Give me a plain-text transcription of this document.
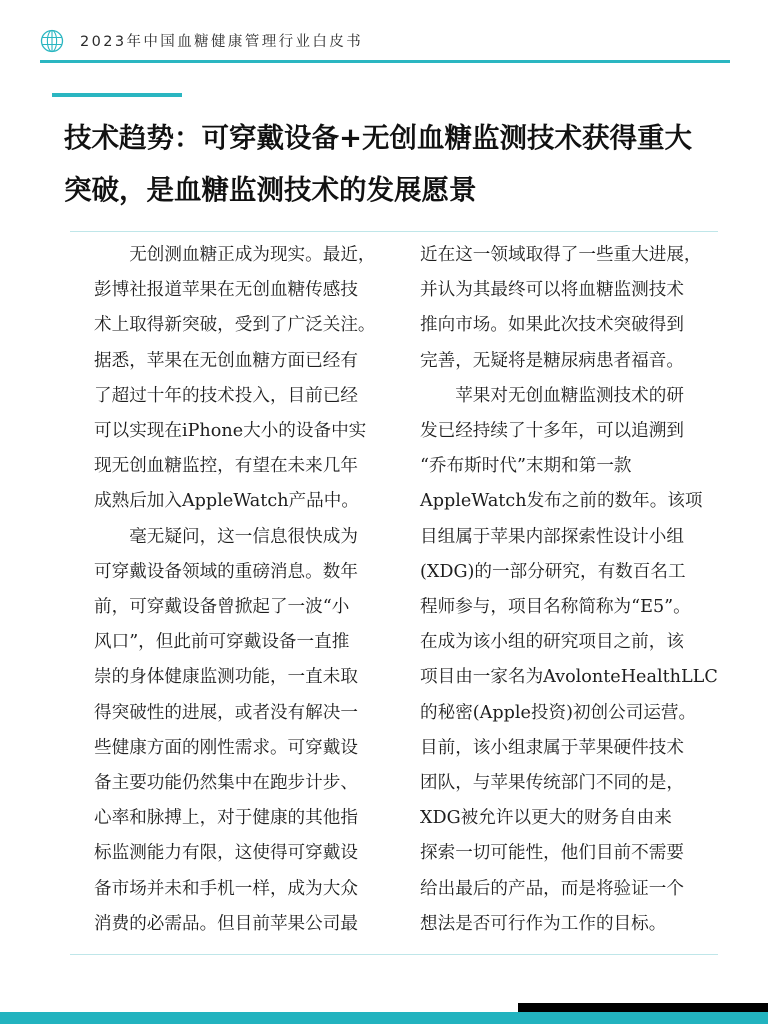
2023年中国血糖健康管理行业白皮书
技术趋势：可穿戴设备+无创血糖监测技术获得重大
突破，是血糖监测技术的发展愿景
　　无创测血糖正成为现实。最近，
彭博社报道苹果在无创血糖传感技
术上取得新突破，受到了广泛关注。
据悉，苹果在无创血糖方面已经有
了超过十年的技术投入，目前已经
可以实现在iPhone大小的设备中实
现无创血糖监控，有望在未来几年
成熟后加入AppleWatch产品中。
　　毫无疑问，这一信息很快成为
可穿戴设备领域的重磅消息。数年
前，可穿戴设备曾掀起了一波“小
风口”，但此前可穿戴设备一直推
崇的身体健康监测功能，一直未取
得突破性的进展，或者没有解决一
些健康方面的刚性需求。可穿戴设
备主要功能仍然集中在跑步计步、
心率和脉搏上，对于健康的其他指
标监测能力有限，这使得可穿戴设
备市场并未和手机一样，成为大众
消费的必需品。但目前苹果公司最
近在这一领域取得了一些重大进展，
并认为其最终可以将血糖监测技术
推向市场。如果此次技术突破得到
完善，无疑将是糖尿病患者福音。
　　苹果对无创血糖监测技术的研
发已经持续了十多年，可以追溯到
“乔布斯时代”末期和第一款
AppleWatch发布之前的数年。该项
目组属于苹果内部探索性设计小组
(XDG)的一部分研究，有数百名工
程师参与，项目名称简称为“E5”。
在成为该小组的研究项目之前，该
项目由一家名为AvolonteHealthLLC
的秘密(Apple投资)初创公司运营。
目前，该小组隶属于苹果硬件技术
团队，与苹果传统部门不同的是，
XDG被允许以更大的财务自由来
探索一切可能性，他们目前不需要
给出最后的产品，而是将验证一个
想法是否可行作为工作的目标。
